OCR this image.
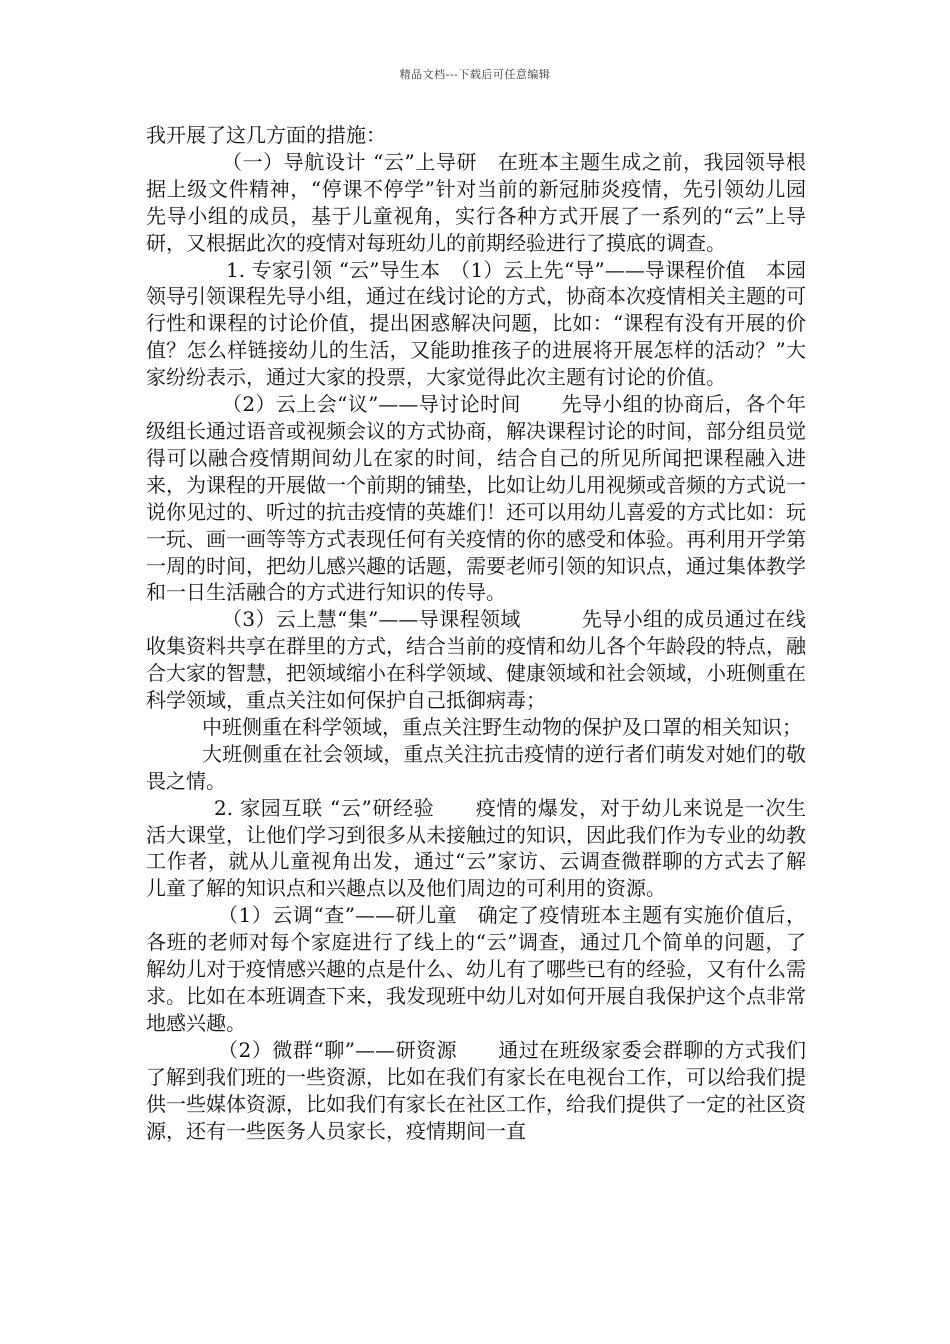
精品文档---下载后可任意编辑

我开展了这几方面的措施：

（一）导航设计 “云”上导研　在班本主题生成之前，我园领导根据上级文件精神，“停课不停学”针对当前的新冠肺炎疫情，先引领幼儿园先导小组的成员，基于儿童视角，实行各种方式开展了一系列的“云”上导研，又根据此次的疫情对每班幼儿的前期经验进行了摸底的调查。

1. 专家引领 “云”导生本　（1）云上先“导”——导课程价值　本园领导引领课程先导小组，通过在线讨论的方式，协商本次疫情相关主题的可行性和课程的讨论价值，提出困惑解决问题，比如：“课程有没有开展的价值？怎么样链接幼儿的生活，又能助推孩子的进展将开展怎样的活动？”大家纷纷表示，通过大家的投票，大家觉得此次主题有讨论的价值。

（2）云上会“议”——导讨论时间　　先导小组的协商后，各个年级组长通过语音或视频会议的方式协商，解决课程讨论的时间，部分组员觉得可以融合疫情期间幼儿在家的时间，结合自己的所见所闻把课程融入进来，为课程的开展做一个前期的铺垫，比如让幼儿用视频或音频的方式说一说你见过的、听过的抗击疫情的英雄们！还可以用幼儿喜爱的方式比如：玩一玩、画一画等等方式表现任何有关疫情的你的感受和体验。再利用开学第一周的时间，把幼儿感兴趣的话题，需要老师引领的知识点，通过集体教学和一日生活融合的方式进行知识的传导。

（3）云上慧“集”——导课程领域　　　先导小组的成员通过在线收集资料共享在群里的方式，结合当前的疫情和幼儿各个年龄段的特点，融合大家的智慧，把领域缩小在科学领域、健康领域和社会领域，小班侧重在科学领域，重点关注如何保护自己抵御病毒；

中班侧重在科学领域，重点关注野生动物的保护及口罩的相关知识；

大班侧重在社会领域，重点关注抗击疫情的逆行者们萌发对她们的敬畏之情。

2. 家园互联 “云”研经验　　疫情的爆发，对于幼儿来说是一次生活大课堂，让他们学习到很多从未接触过的知识，因此我们作为专业的幼教工作者，就从儿童视角出发，通过“云”家访、云调查微群聊的方式去了解儿童了解的知识点和兴趣点以及他们周边的可利用的资源。

（1）云调“查”——研儿童　确定了疫情班本主题有实施价值后，各班的老师对每个家庭进行了线上的“云”调查，通过几个简单的问题，了解幼儿对于疫情感兴趣的点是什么、幼儿有了哪些已有的经验，又有什么需求。比如在本班调查下来，我发现班中幼儿对如何开展自我保护这个点非常地感兴趣。

（2）微群“聊”——研资源　　通过在班级家委会群聊的方式我们了解到我们班的一些资源，比如在我们有家长在电视台工作，可以给我们提供一些媒体资源，比如我们有家长在社区工作，给我们提供了一定的社区资源，还有一些医务人员家长，疫情期间一直
